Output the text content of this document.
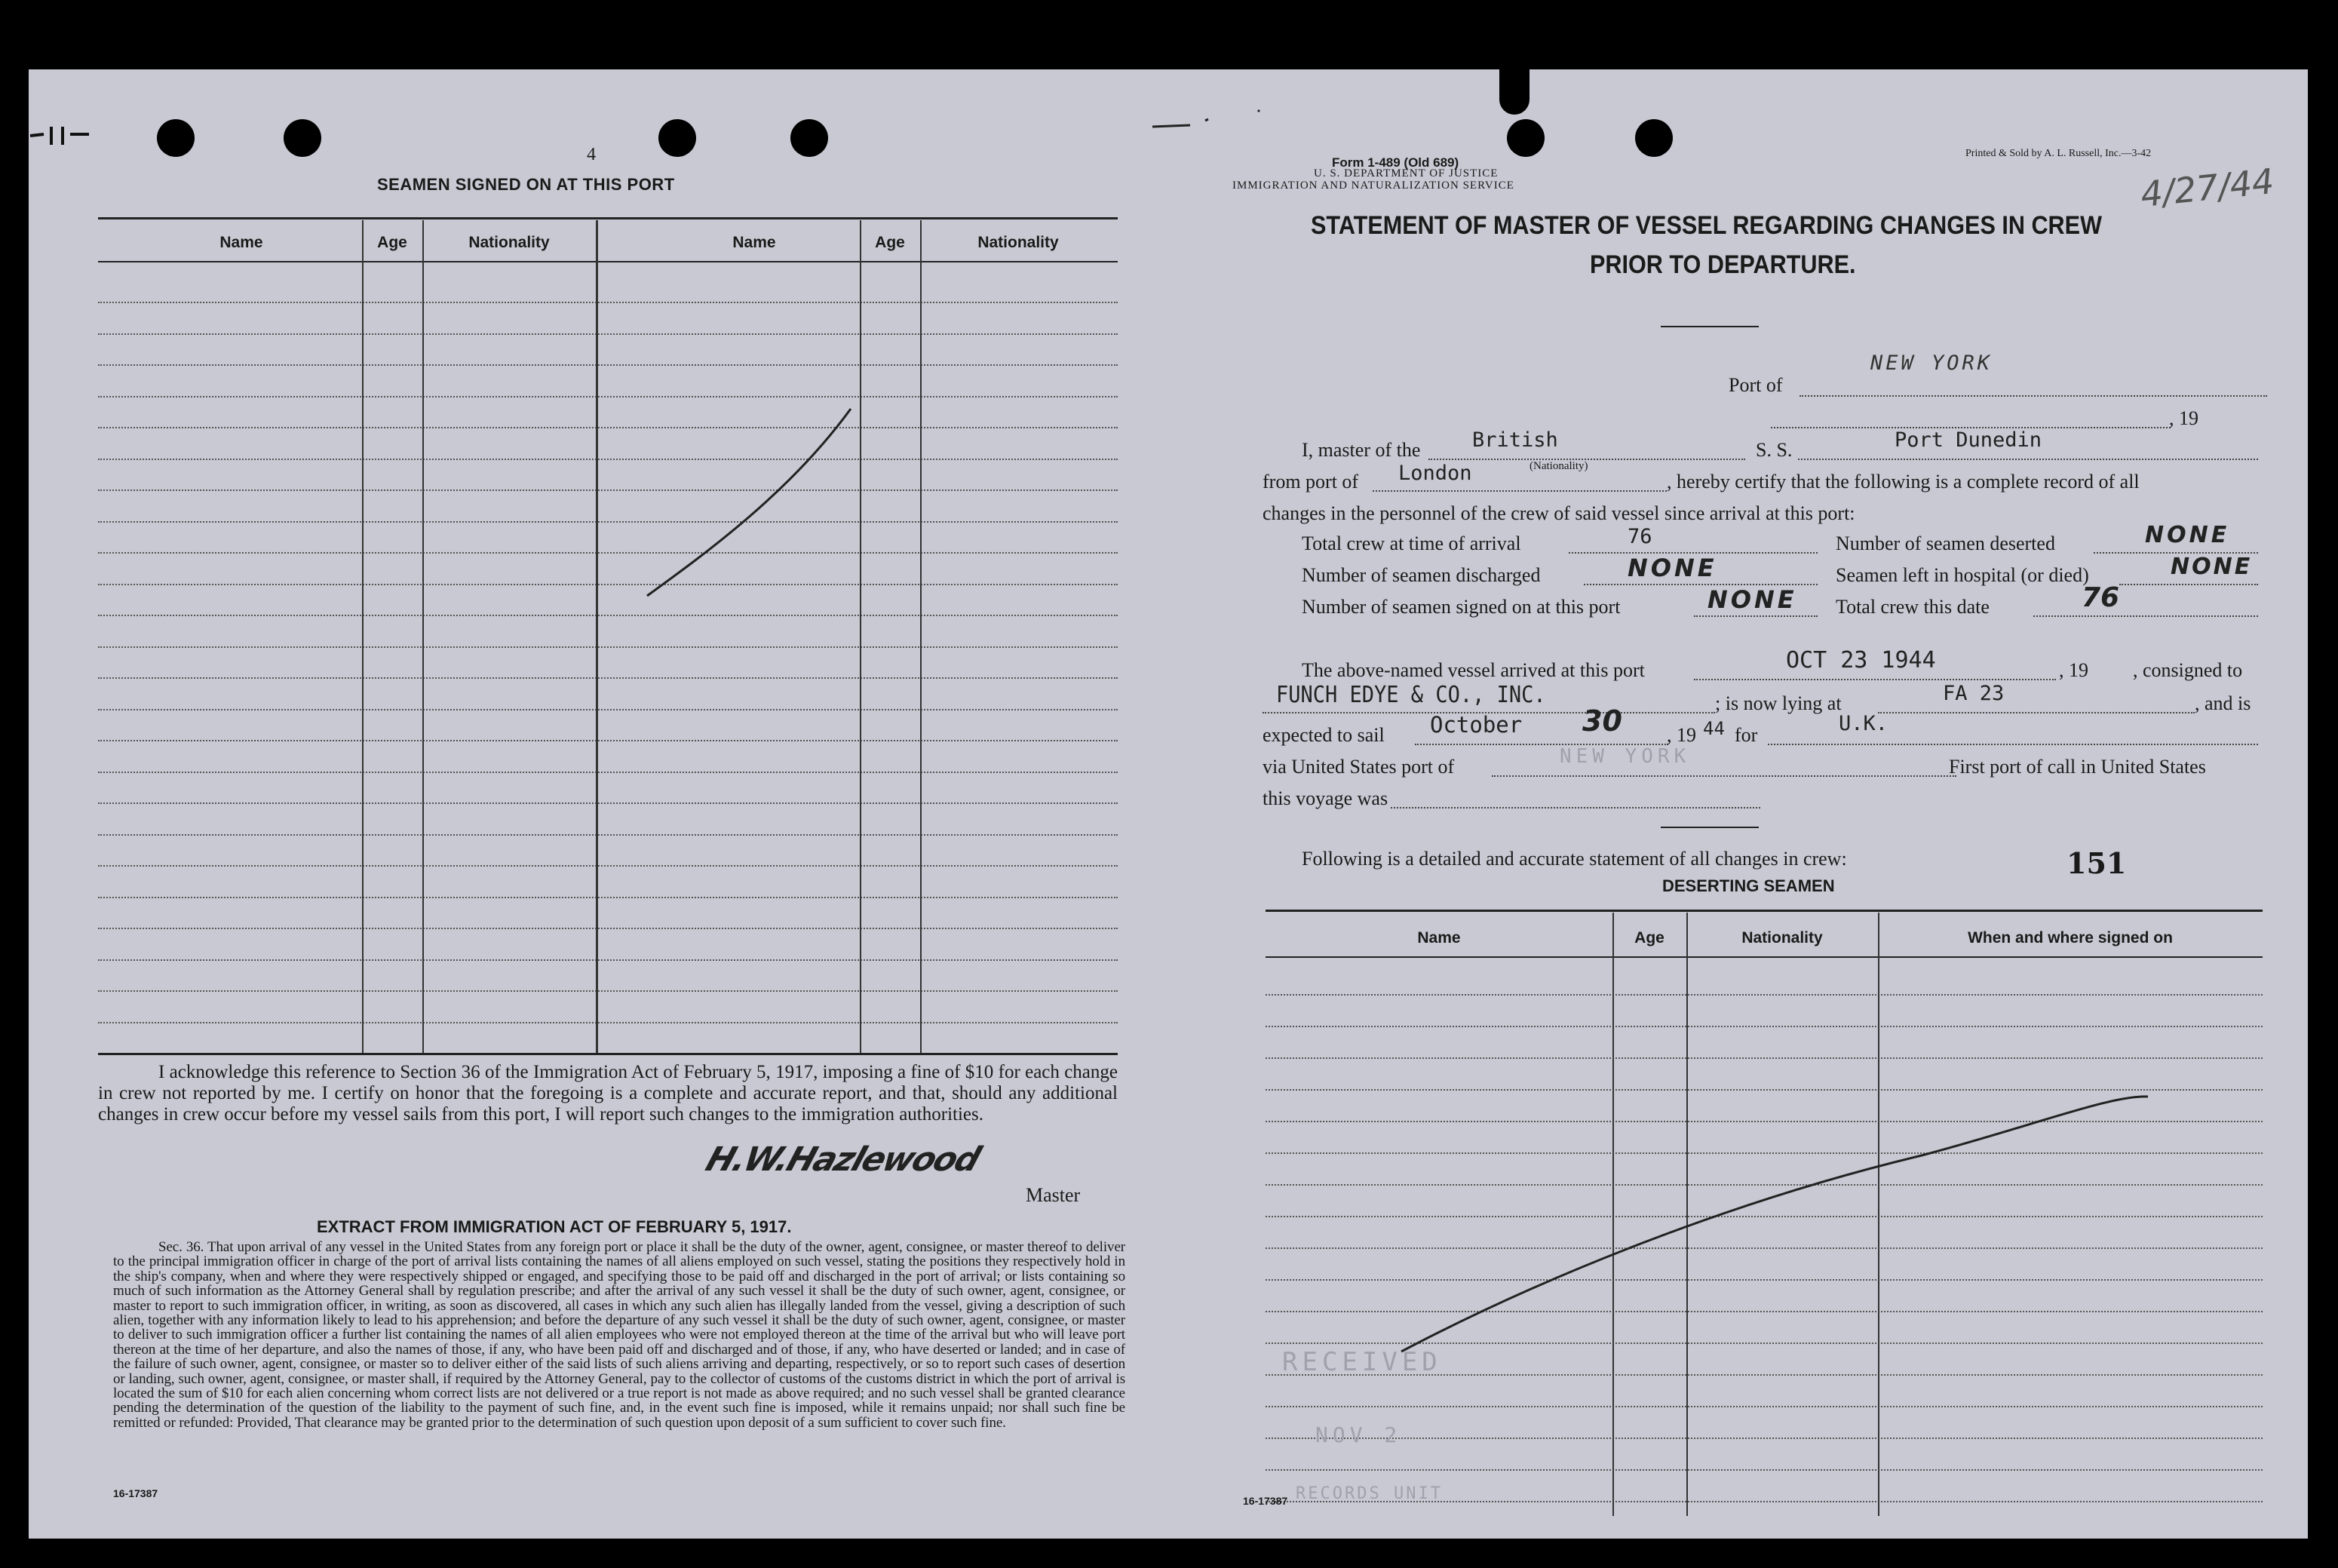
4
SEAMEN SIGNED ON AT THIS PORT
Name	Age	Nationality	Name	Age	Nationality
I acknowledge this reference to Section 36 of the Immigration Act of February 5, 1917, imposing a fine of $10 for each change in crew not reported by me. I certify on honor that the foregoing is a complete and accurate report, and that, should any additional changes in crew occur before my vessel sails from this port, I will report such changes to the immigration authorities.
H.W.Hazlewood
Master
EXTRACT FROM IMMIGRATION ACT OF FEBRUARY 5, 1917.
Sec. 36. That upon arrival of any vessel in the United States from any foreign port or place it shall be the duty of the owner, agent, consignee, or master thereof to deliver to the principal immigration officer in charge of the port of arrival lists containing the names of all aliens employed on such vessel, stating the positions they respectively hold in the ship's company, when and where they were respectively shipped or engaged, and specifying those to be paid off and discharged in the port of arrival; or lists containing so much of such information as the Attorney General shall by regulation prescribe; and after the arrival of any such vessel it shall be the duty of such owner, agent, consignee, or master to report to such immigration officer, in writing, as soon as discovered, all cases in which any such alien has illegally landed from the vessel, giving a description of such alien, together with any information likely to lead to his apprehension; and before the departure of any such vessel it shall be the duty of such owner, agent, consignee, or master to deliver to such immigration officer a further list containing the names of all alien employees who were not employed thereon at the time of the arrival but who will leave port thereon at the time of her departure, and also the names of those, if any, who have been paid off and discharged and of those, if any, who have deserted or landed; and in case of the failure of such owner, agent, consignee, or master so to deliver either of the said lists of such aliens arriving and departing, respectively, or so to report such cases of desertion or landing, such owner, agent, consignee, or master shall, if required by the Attorney General, pay to the collector of customs of the customs district in which the port of arrival is located the sum of $10 for each alien concerning whom correct lists are not delivered or a true report is not made as above required; and no such vessel shall be granted clearance pending the determination of the question of the liability to the payment of such fine, and, in the event such fine is imposed, while it remains unpaid; nor shall such fine be remitted or refunded: Provided, That clearance may be granted prior to the determination of such question upon deposit of a sum sufficient to cover such fine.
16-17387
Form 1-489 (Old 689)
U. S. DEPARTMENT OF JUSTICE
IMMIGRATION AND NATURALIZATION SERVICE
Printed & Sold by A. L. Russell, Inc.—3-42
4/27/44
STATEMENT OF MASTER OF VESSEL REGARDING CHANGES IN CREW
PRIOR TO DEPARTURE.
Port of
NEW YORK
, 19
I, master of the	British	S. S.	Port Dunedin
from port of London	(Nationality)
, hereby certify that the following is a complete record of all
changes in the personnel of the crew of said vessel since arrival at this port:
Total crew at time of arrival	76	Number of seamen deserted	NONE
Number of seamen discharged	NONE	Seamen left in hospital (or died)	NONE
Number of seamen signed on at this port	NONE Total crew this date	76
The above-named vessel arrived at this port	OCT 23 1944	, 19 , consigned to
FUNCH EDYE & CO., INC.	; is now lying at	FA 23	, and is
expected to sail October 30 , 19 44 for	U.K.
via United States port of	NEW YORK	First port of call in United States
this voyage was
Following is a detailed and accurate statement of all changes in crew:	151
DESERTING SEAMEN
Name	Age	Nationality	When and where signed on
RECEIVED
NOV 2
RECORDS UNIT
16-17387
